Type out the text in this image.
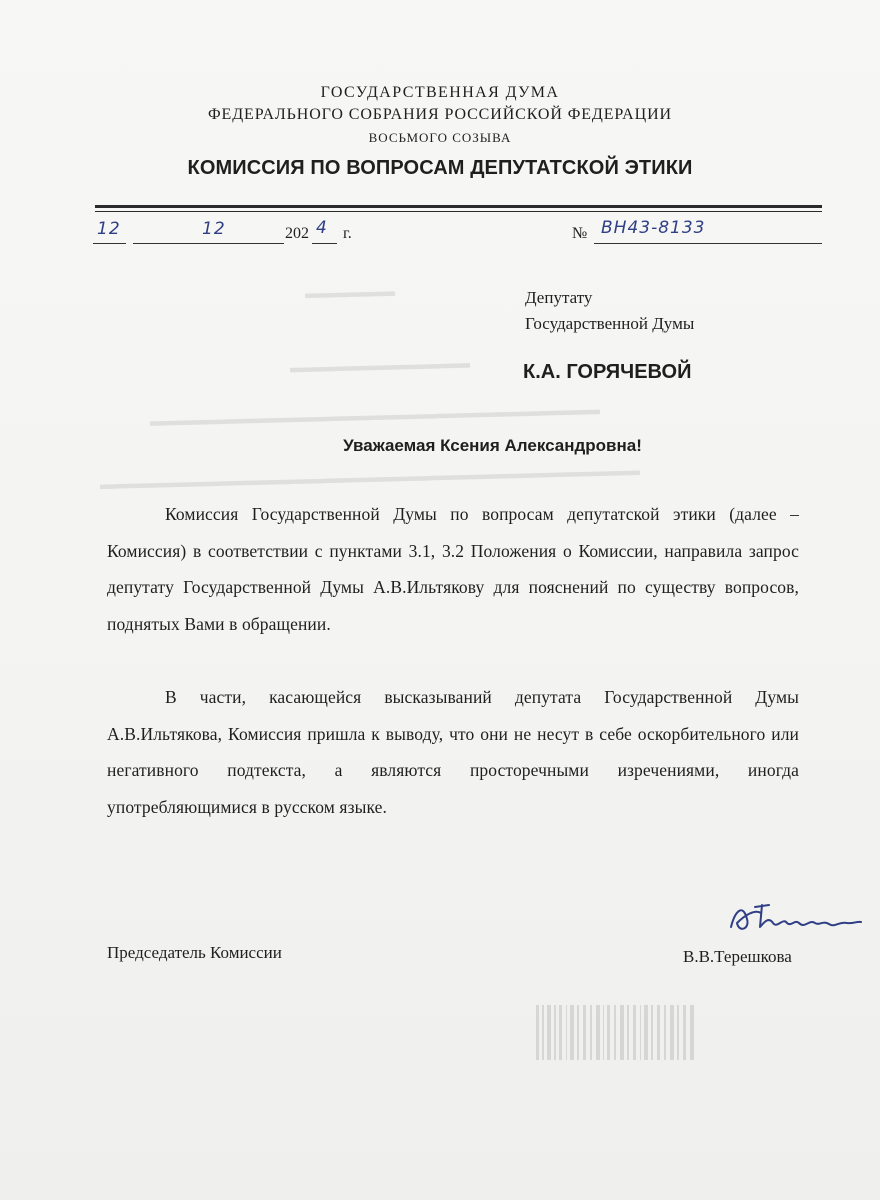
▬▬▬▬▬▬
▬▬▬▬▬▬▬▬▬▬▬▬
▬▬▬▬▬▬▬▬▬▬▬▬▬▬▬▬▬▬▬▬▬▬▬▬▬▬▬▬▬▬
▬▬▬▬▬▬▬▬▬▬▬▬▬▬▬▬▬▬▬▬▬▬▬▬▬▬▬▬▬▬▬▬▬▬▬▬
ГОСУДАРСТВЕННАЯ ДУМА
ФЕДЕРАЛЬНОГО СОБРАНИЯ РОССИЙСКОЙ ФЕДЕРАЦИИ
ВОСЬМОГО СОЗЫВА
КОМИССИЯ ПО ВОПРОСАМ ДЕПУТАТСКОЙ ЭТИКИ
12	12	202 4 г.	№ ВН43-8133
Депутату
Государственной Думы
К.А. ГОРЯЧЕВОЙ
Уважаемая Ксения Александровна!
Комиссия Государственной Думы по вопросам депутатской этики (далее – Комиссия) в соответствии с пунктами 3.1, 3.2 Положения о Комиссии, направила запрос депутату Государственной Думы А.В.Ильтякову для пояснений по существу вопросов, поднятых Вами в обращении.
В части, касающейся высказываний депутата Государственной Думы А.В.Ильтякова, Комиссия пришла к выводу, что они не несут в себе оскорбительного или негативного подтекста, а являются просторечными изречениями, иногда употребляющимися в русском языке.
Председатель Комиссии	В.В.Терешкова
